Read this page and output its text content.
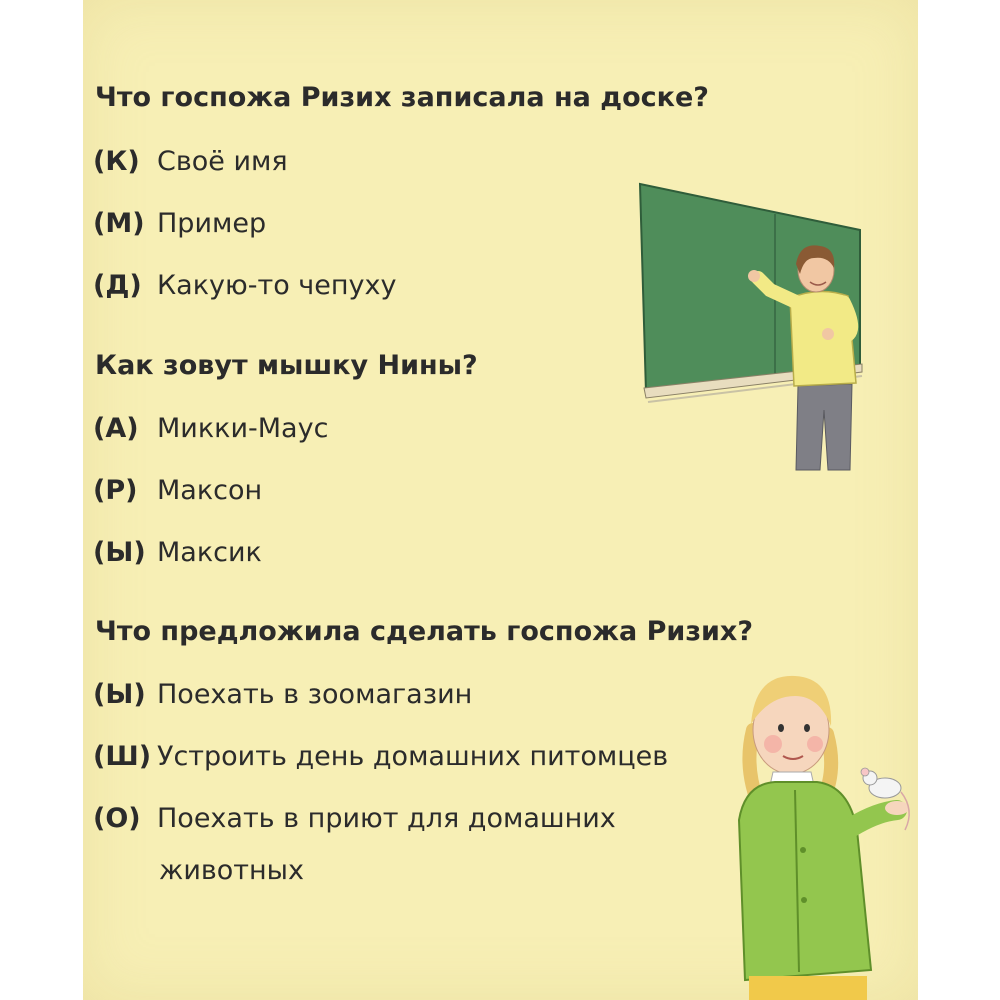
Что госпожа Ризих записала на доске?
(К) Своё имя
(М) Пример
(Д) Какую-то чепуху
Как зовут мышку Нины?
(А) Микки-Маус
(Р) Максон
(Ы) Максик
Что предложила сделать госпожа Ризих?
(Ы) Поехать в зоомагазин
(Ш) Устроить день домашних питомцев
(О) Поехать в приют для домашних
животных
